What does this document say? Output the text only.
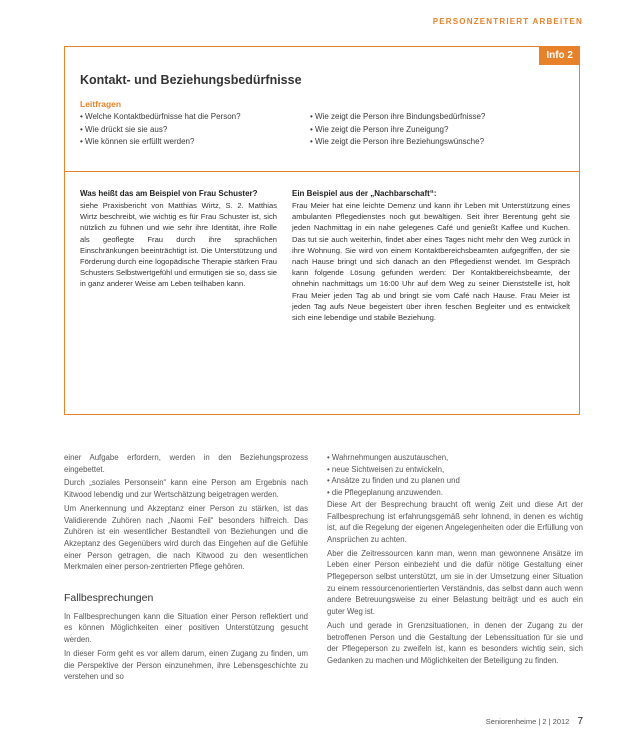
PERSONZENTRIERT ARBEITEN
Info 2
Kontakt- und Beziehungsbedürfnisse
Leitfragen
• Welche Kontaktbedürfnisse hat die Person?
• Wie drückt sie sie aus?
• Wie können sie erfüllt werden?
• Wie zeigt die Person ihre Bindungsbedürfnisse?
• Wie zeigt die Person ihre Zuneigung?
• Wie zeigt die Person ihre Beziehungswünsche?
Was heißt das am Beispiel von Frau Schuster?

siehe Praxisbericht von Matthias Wirtz, S. 2. Matthias Wirtz beschreibt, wie wichtig es für Frau Schuster ist, sich nützlich zu fühnen und wie sehr ihre Identität, ihre Rolle als geoflegte Frau durch ihre sprachlichen Einschränkungen beeinträchtigt ist. Die Unterstützung und Förderung durch eine logopädische Therapie stärken Frau Schusters Selbstwertgefühl und ermutigen sie so, dass sie in ganz anderer Weise am Leben teilhaben kann.

Ein Beispiel aus der „Nachbarschaft“:

Frau Meier hat eine leichte Demenz und kann ihr Leben mit Unterstützung eines ambulanten Pflegedienstes noch gut bewältigen. Seit ihrer Berentung geht sie jeden Nachmittag in ein nahe gelegenes Café und genießt Kaffee und Kuchen. Das tut sie auch weiterhin, findet aber eines Tages nicht mehr den Weg zurück in ihre Wohnung. Sie wird von einem Kontaktbereichsbeamten aufgegriffen, der sie nach Hause bringt und sich danach an den Pflegedienst wendet. Im Gespräch kann folgende Lösung gefunden werden: Der Kontaktbereichsbeamte, der ohnehin nachmittags um 16:00 Uhr auf dem Weg zu seiner Dienststelle ist, holt Frau Meier jeden Tag ab und bringt sie vom Café nach Hause. Frau Meier ist jeden Tag aufs Neue begeistert über ihren feschen Begleiter und es entwickelt sich eine lebendige und stabile Beziehung.

einer Aufgabe erfordern, werden in den Beziehungsprozess eingebettet.

Durch „soziales Personsein“ kann eine Person am Ergebnis nach Kitwood lebendig und zur Wertschätzung beigetragen werden.

Um Anerkennung und Akzeptanz einer Person zu stärken, ist das Validierende Zuhören nach „Naomi Feil“ besonders hilfreich. Das Zuhören ist ein wesentlicher Bestandteil von Beziehungen und die Akzeptanz des Gegenübers wird durch das Eingehen auf die Gefühle einer Person getragen, die nach Kitwood zu den wesentlichen Merkmalen einer person-zentrierten Pflege gehören.

Fallbesprechungen

In Fallbesprechungen kann die Situation einer Person reflektiert und es können Möglichkeiten einer positiven Unterstützung gesucht werden.

In dieser Form geht es vor allem darum, einen Zugang zu finden, um die Perspektive der Person einzunehmen, ihre Lebensgeschichte zu verstehen und so

• Wahrnehmungen auszutauschen,
• neue Sichtweisen zu entwickeln,
• Ansätze zu finden und zu planen und
• die Pflegeplanung anzuwenden.

Diese Art der Besprechung braucht oft wenig Zeit und diese Art der Fallbesprechung ist erfahrungsgemäß sehr lohnend, in denen es wichtig ist, auf die Regelung der eigenen Angelegenheiten oder die Erfüllung von Ansprüchen zu achten.

Aber die Zeitressourcen kann man, wenn man gewonnene Ansätze im Leben einer Person einbezieht und die dafür nötige Gestaltung einer Pflegeperson selbst unterstützt, um sie in der Umsetzung einer Situation zu einem ressourcenorientierten Verständnis, das selbst dann auch wenn andere Betreuungsweise zu einer Belastung beiträgt und es auch ein guter Weg ist.

Auch und gerade in Grenzsituationen, in denen der Zugang zu der betroffenen Person und die Gestaltung der Lebenssituation für sie und der Pflegeperson zu zweifeln ist, kann es besonders wichtig sein, sich Gedanken zu machen und Möglichkeiten der Beteiligung zu finden.

Seniorenheime | 2 | 2012 7
